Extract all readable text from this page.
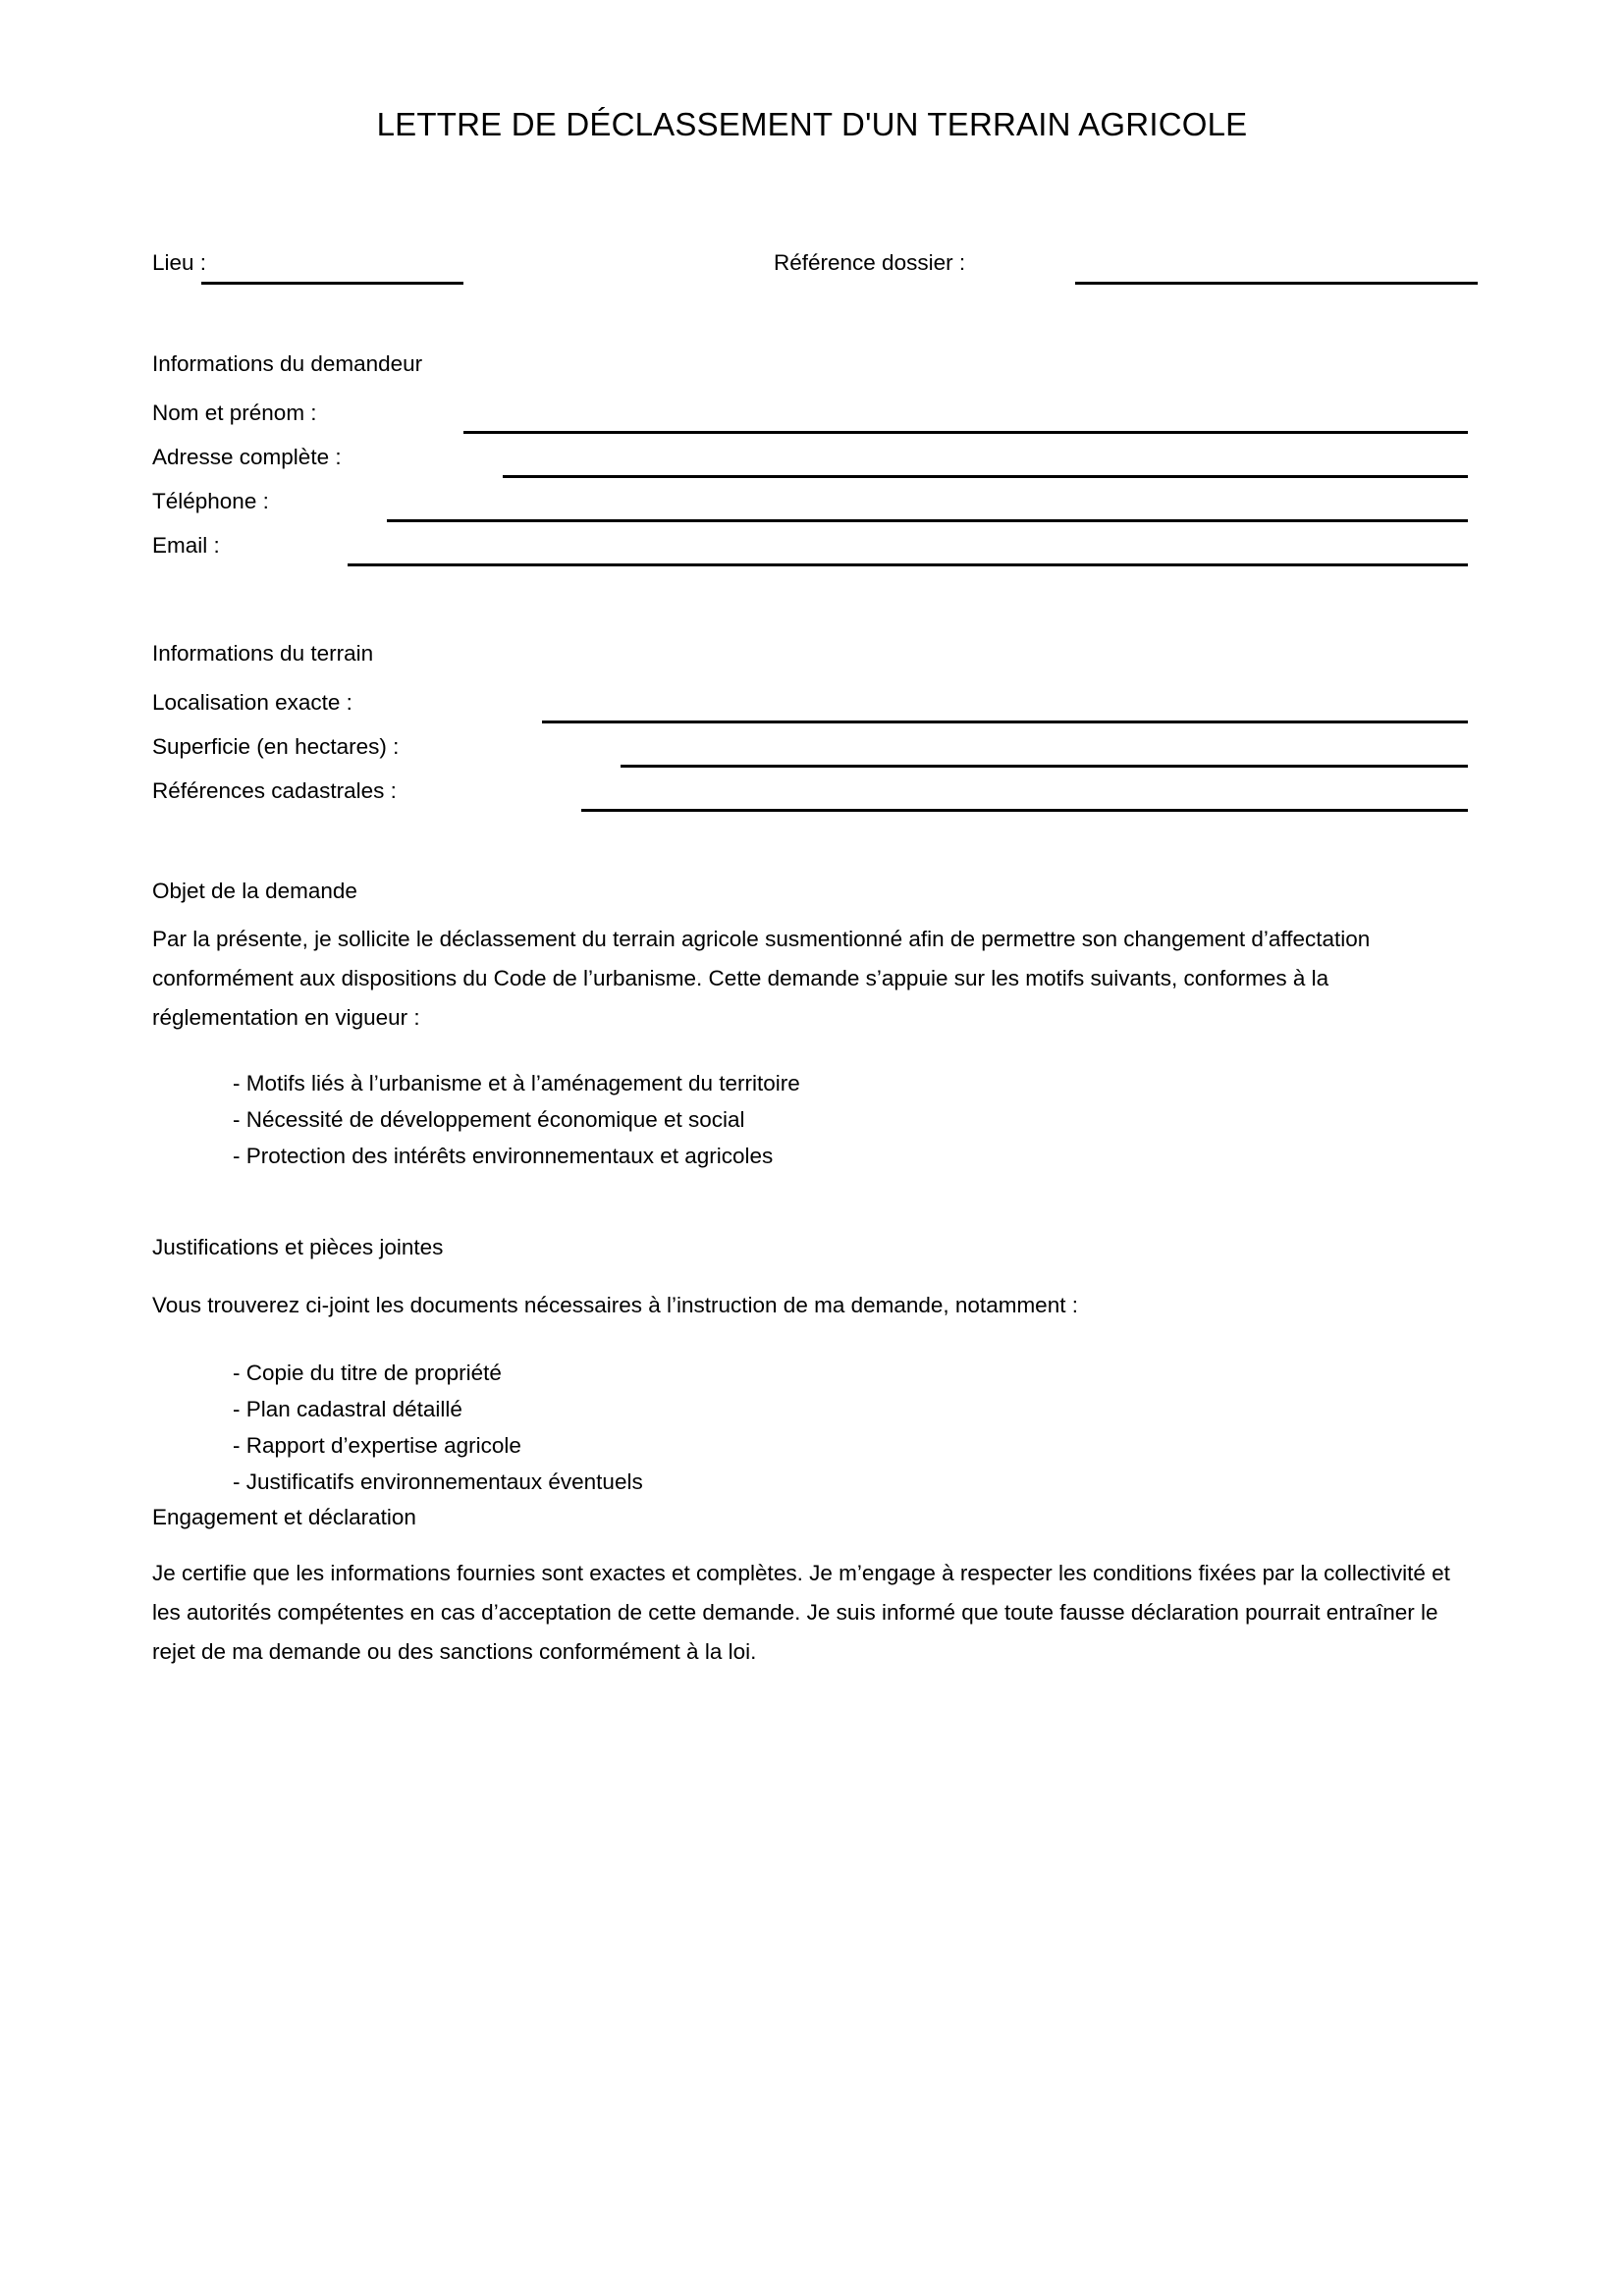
LETTRE DE DÉCLASSEMENT D'UN TERRAIN AGRICOLE
Lieu :	Référence dossier :
Informations du demandeur
Nom et prénom :
Adresse complète :
Téléphone :
Email :
Informations du terrain
Localisation exacte :
Superficie (en hectares) :
Références cadastrales :
Objet de la demande
Par la présente, je sollicite le déclassement du terrain agricole susmentionné afin de permettre son changement d’affectation conformément aux dispositions du Code de l’urbanisme. Cette demande s’appuie sur les motifs suivants, conformes à la réglementation en vigueur :
- Motifs liés à l’urbanisme et à l’aménagement du territoire
- Nécessité de développement économique et social
- Protection des intérêts environnementaux et agricoles
Justifications et pièces jointes
Vous trouverez ci-joint les documents nécessaires à l’instruction de ma demande, notamment :
- Copie du titre de propriété
- Plan cadastral détaillé
- Rapport d’expertise agricole
- Justificatifs environnementaux éventuels
Engagement et déclaration
Je certifie que les informations fournies sont exactes et complètes. Je m’engage à respecter les conditions fixées par la collectivité et les autorités compétentes en cas d’acceptation de cette demande. Je suis informé que toute fausse déclaration pourrait entraîner le rejet de ma demande ou des sanctions conformément à la loi.
